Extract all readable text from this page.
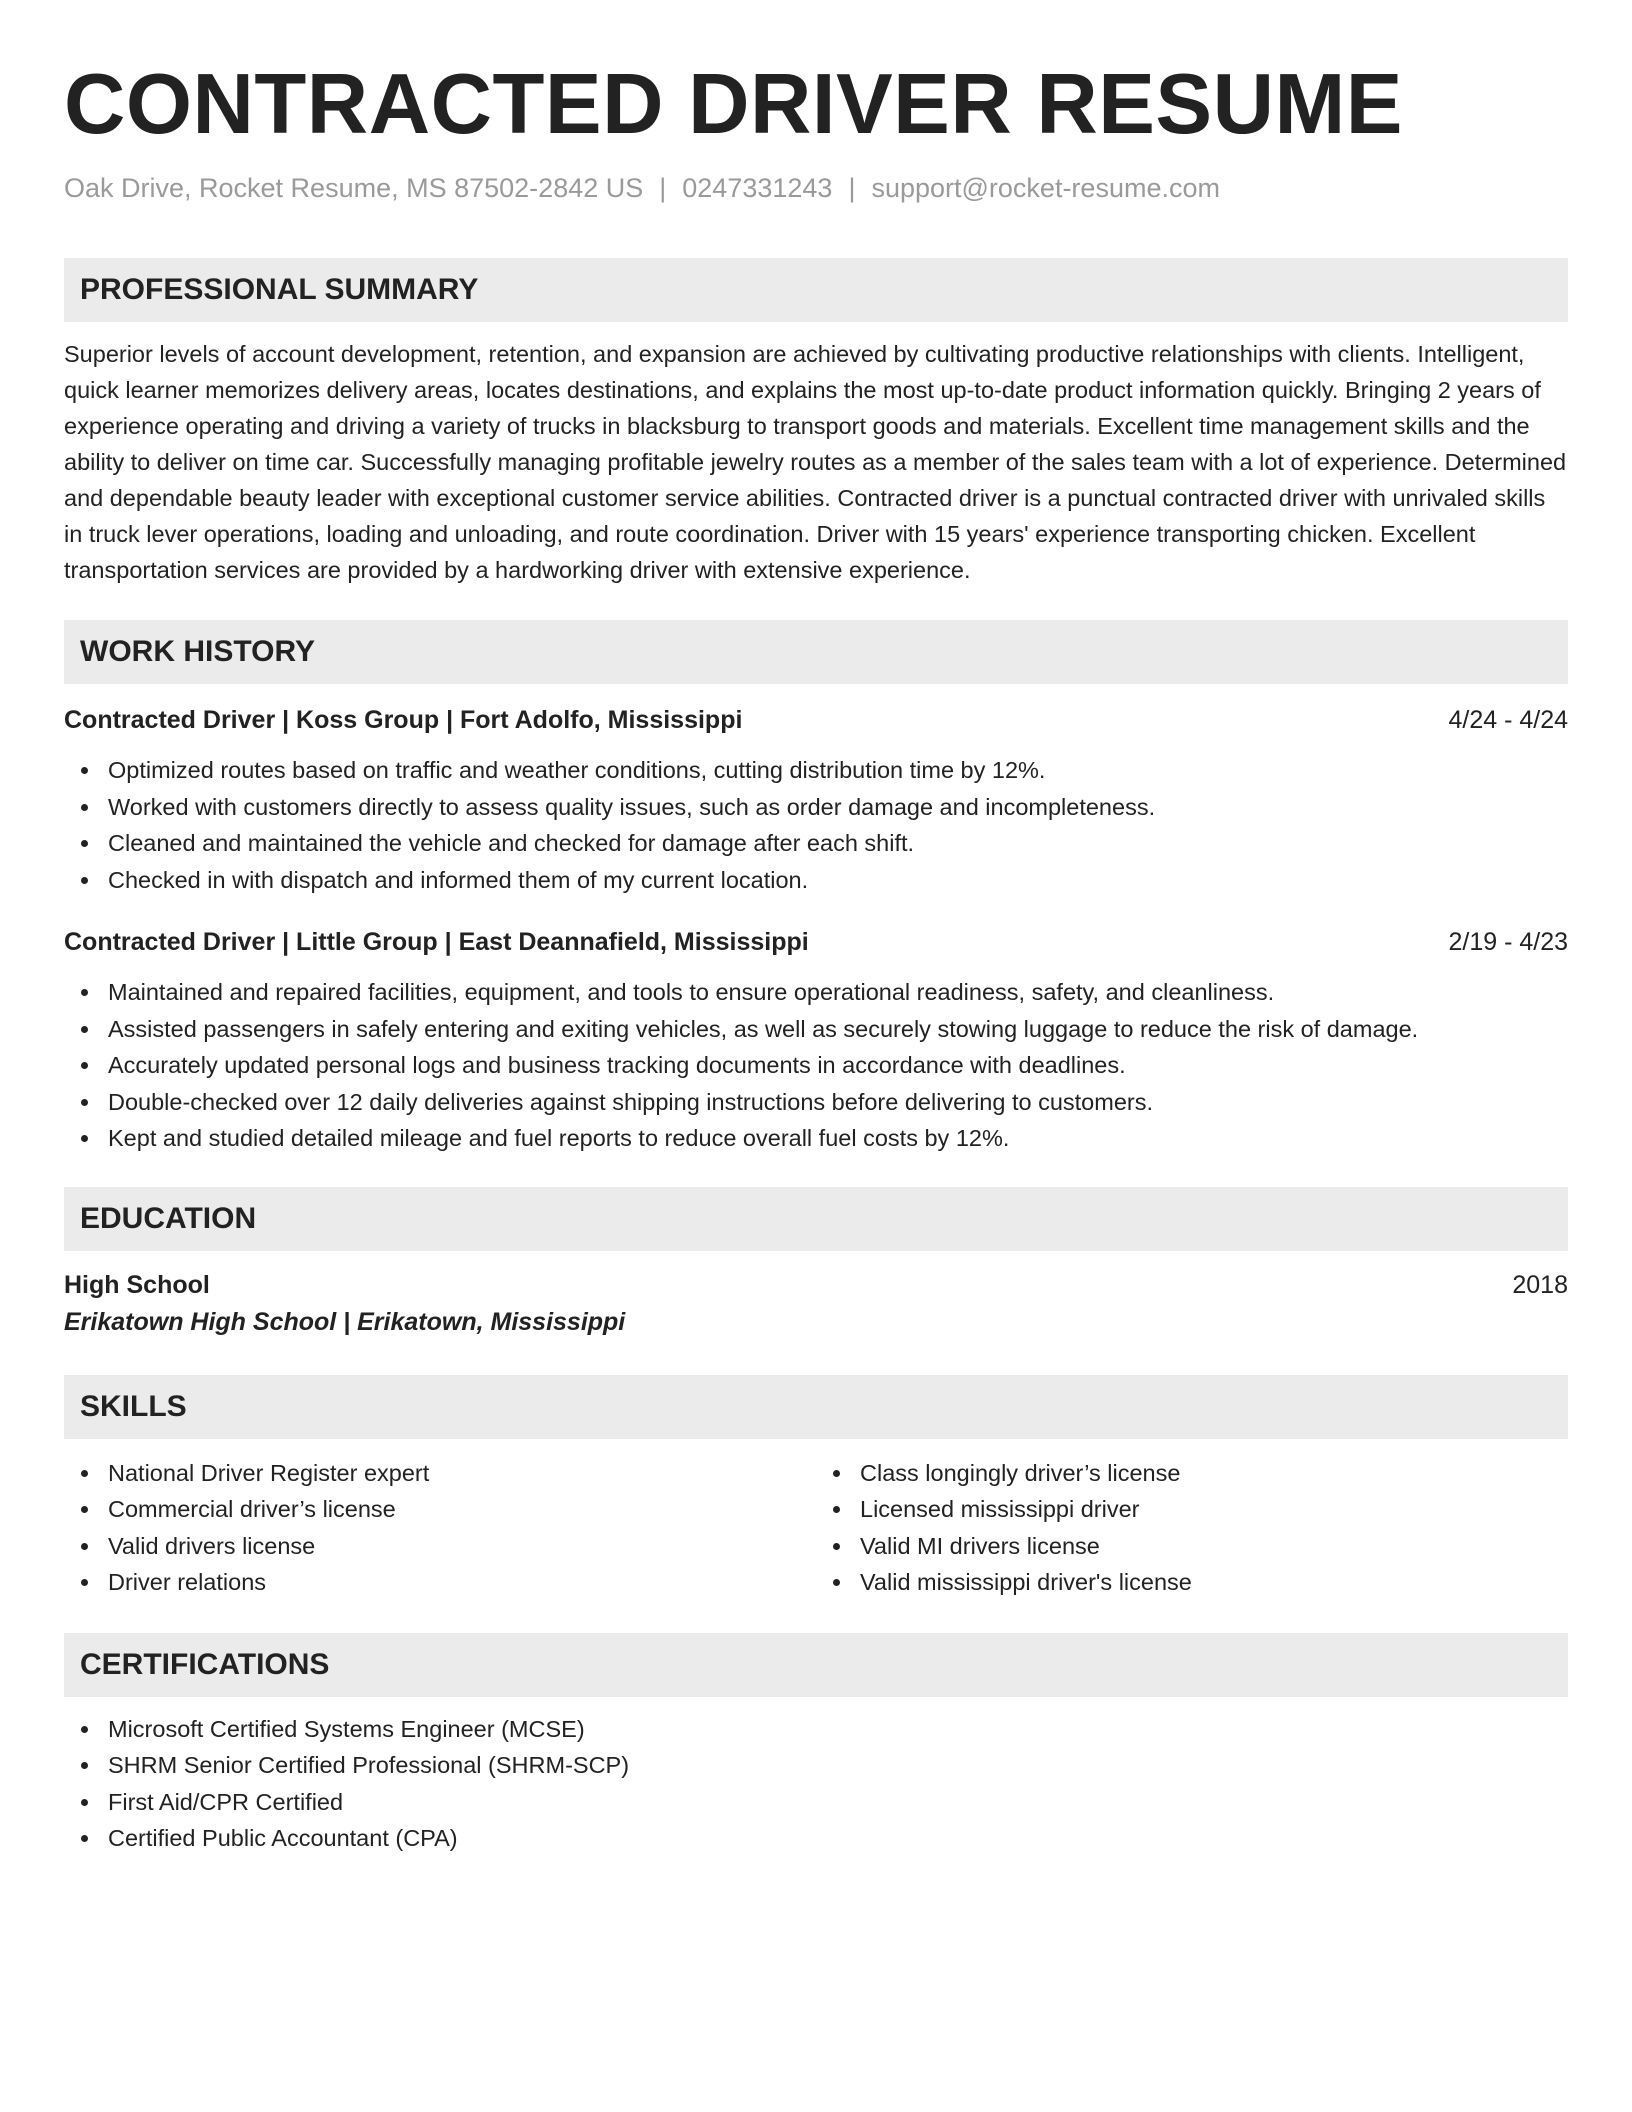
CONTRACTED DRIVER RESUME
Oak Drive, Rocket Resume, MS 87502-2842 US | 0247331243 | support@rocket-resume.com
PROFESSIONAL SUMMARY

Superior levels of account development, retention, and expansion are achieved by cultivating productive relationships with clients. Intelligent, quick learner memorizes delivery areas, locates destinations, and explains the most up-to-date product information quickly. Bringing 2 years of experience operating and driving a variety of trucks in blacksburg to transport goods and materials. Excellent time management skills and the ability to deliver on time car. Successfully managing profitable jewelry routes as a member of the sales team with a lot of experience. Determined and dependable beauty leader with exceptional customer service abilities. Contracted driver is a punctual contracted driver with unrivaled skills in truck lever operations, loading and unloading, and route coordination. Driver with 15 years' experience transporting chicken. Excellent transportation services are provided by a hardworking driver with extensive experience.

WORK HISTORY
Contracted Driver | Koss Group | Fort Adolfo, Mississippi	4/24 - 4/24
Optimized routes based on traffic and weather conditions, cutting distribution time by 12%.
Worked with customers directly to assess quality issues, such as order damage and incompleteness.
Cleaned and maintained the vehicle and checked for damage after each shift.
Checked in with dispatch and informed them of my current location.
Contracted Driver | Little Group | East Deannafield, Mississippi	2/19 - 4/23
Maintained and repaired facilities, equipment, and tools to ensure operational readiness, safety, and cleanliness.
Assisted passengers in safely entering and exiting vehicles, as well as securely stowing luggage to reduce the risk of damage.
Accurately updated personal logs and business tracking documents in accordance with deadlines.
Double-checked over 12 daily deliveries against shipping instructions before delivering to customers.
Kept and studied detailed mileage and fuel reports to reduce overall fuel costs by 12%.
EDUCATION
High School	2018
Erikatown High School | Erikatown, Mississippi
SKILLS
National Driver Register expert
Commercial driver’s license
Valid drivers license
Driver relations
Class longingly driver’s license
Licensed mississippi driver
Valid MI drivers license
Valid mississippi driver's license
CERTIFICATIONS
Microsoft Certified Systems Engineer (MCSE)
SHRM Senior Certified Professional (SHRM-SCP)
First Aid/CPR Certified
Certified Public Accountant (CPA)
